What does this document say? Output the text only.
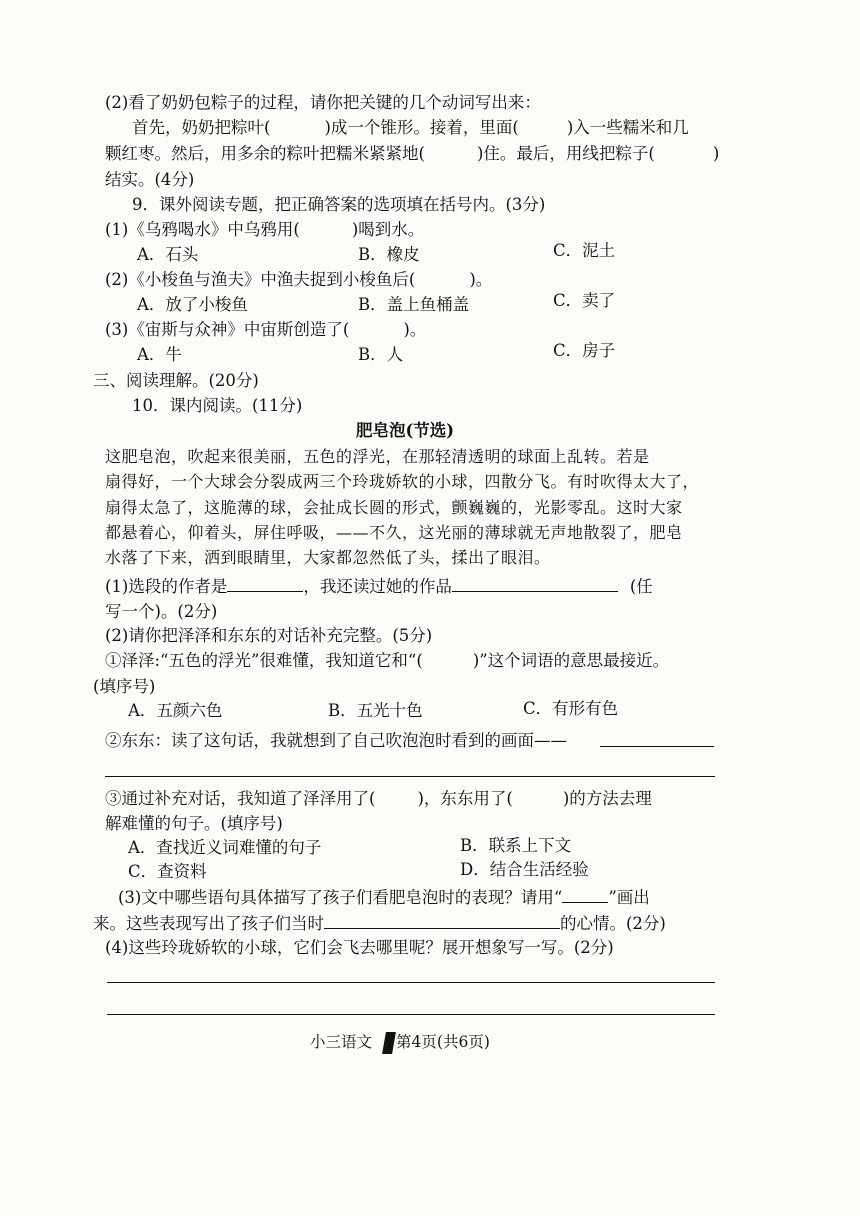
(2)看了奶奶包粽子的过程，请你把关键的几个动词写出来：
首先，奶奶把粽叶(	)成一个锥形。接着，里面(	)入一些糯米和几
颗红枣。然后，用多余的粽叶把糯米紧紧地(	)住。最后，用线把粽子(	)
结实。(4分)
9．课外阅读专题，把正确答案的选项填在括号内。(3分)
(1)《乌鸦喝水》中乌鸦用(	)喝到水。
A．石头	B．橡皮	C．泥土
(2)《小梭鱼与渔夫》中渔夫捉到小梭鱼后(	)。
A．放了小梭鱼	B．盖上鱼桶盖	C．卖了
(3)《宙斯与众神》中宙斯创造了(	)。
A．牛	B．人	C．房子
三、阅读理解。(20分)
10．课内阅读。(11分)
肥皂泡(节选)
这肥皂泡，吹起来很美丽，五色的浮光，在那轻清透明的球面上乱转。若是
扇得好，一个大球会分裂成两三个玲珑娇软的小球，四散分飞。有时吹得太大了，
扇得太急了，这脆薄的球，会扯成长圆的形式，颤巍巍的，光影零乱。这时大家
都悬着心，仰着头，屏住呼吸，——不久，这光丽的薄球就无声地散裂了，肥皂
水落了下来，洒到眼睛里，大家都忽然低了头，揉出了眼泪。
(1)选段的作者是	，我还读过她的作品	(任
写一个)。(2分)
(2)请你把泽泽和东东的对话补充完整。(5分)
①泽泽:“五色的浮光”很难懂，我知道它和“(	)”这个词语的意思最接近。
(填序号)
A．五颜六色	B．五光十色	C．有形有色
②东东：读了这句话，我就想到了自己吹泡泡时看到的画面——
③通过补充对话，我知道了泽泽用了(	)，东东用了(	)的方法去理
解难懂的句子。(填序号)
A．查找近义词难懂的句子	B．联系上下文
C．查资料	D．结合生活经验
(3)文中哪些语句具体描写了孩子们看肥皂泡时的表现？请用“	”画出
来。这些表现写出了孩子们当时	的心情。(2分)
(4)这些玲珑娇软的小球，它们会飞去哪里呢？展开想象写一写。(2分)
小三语文 第4页(共6页)
